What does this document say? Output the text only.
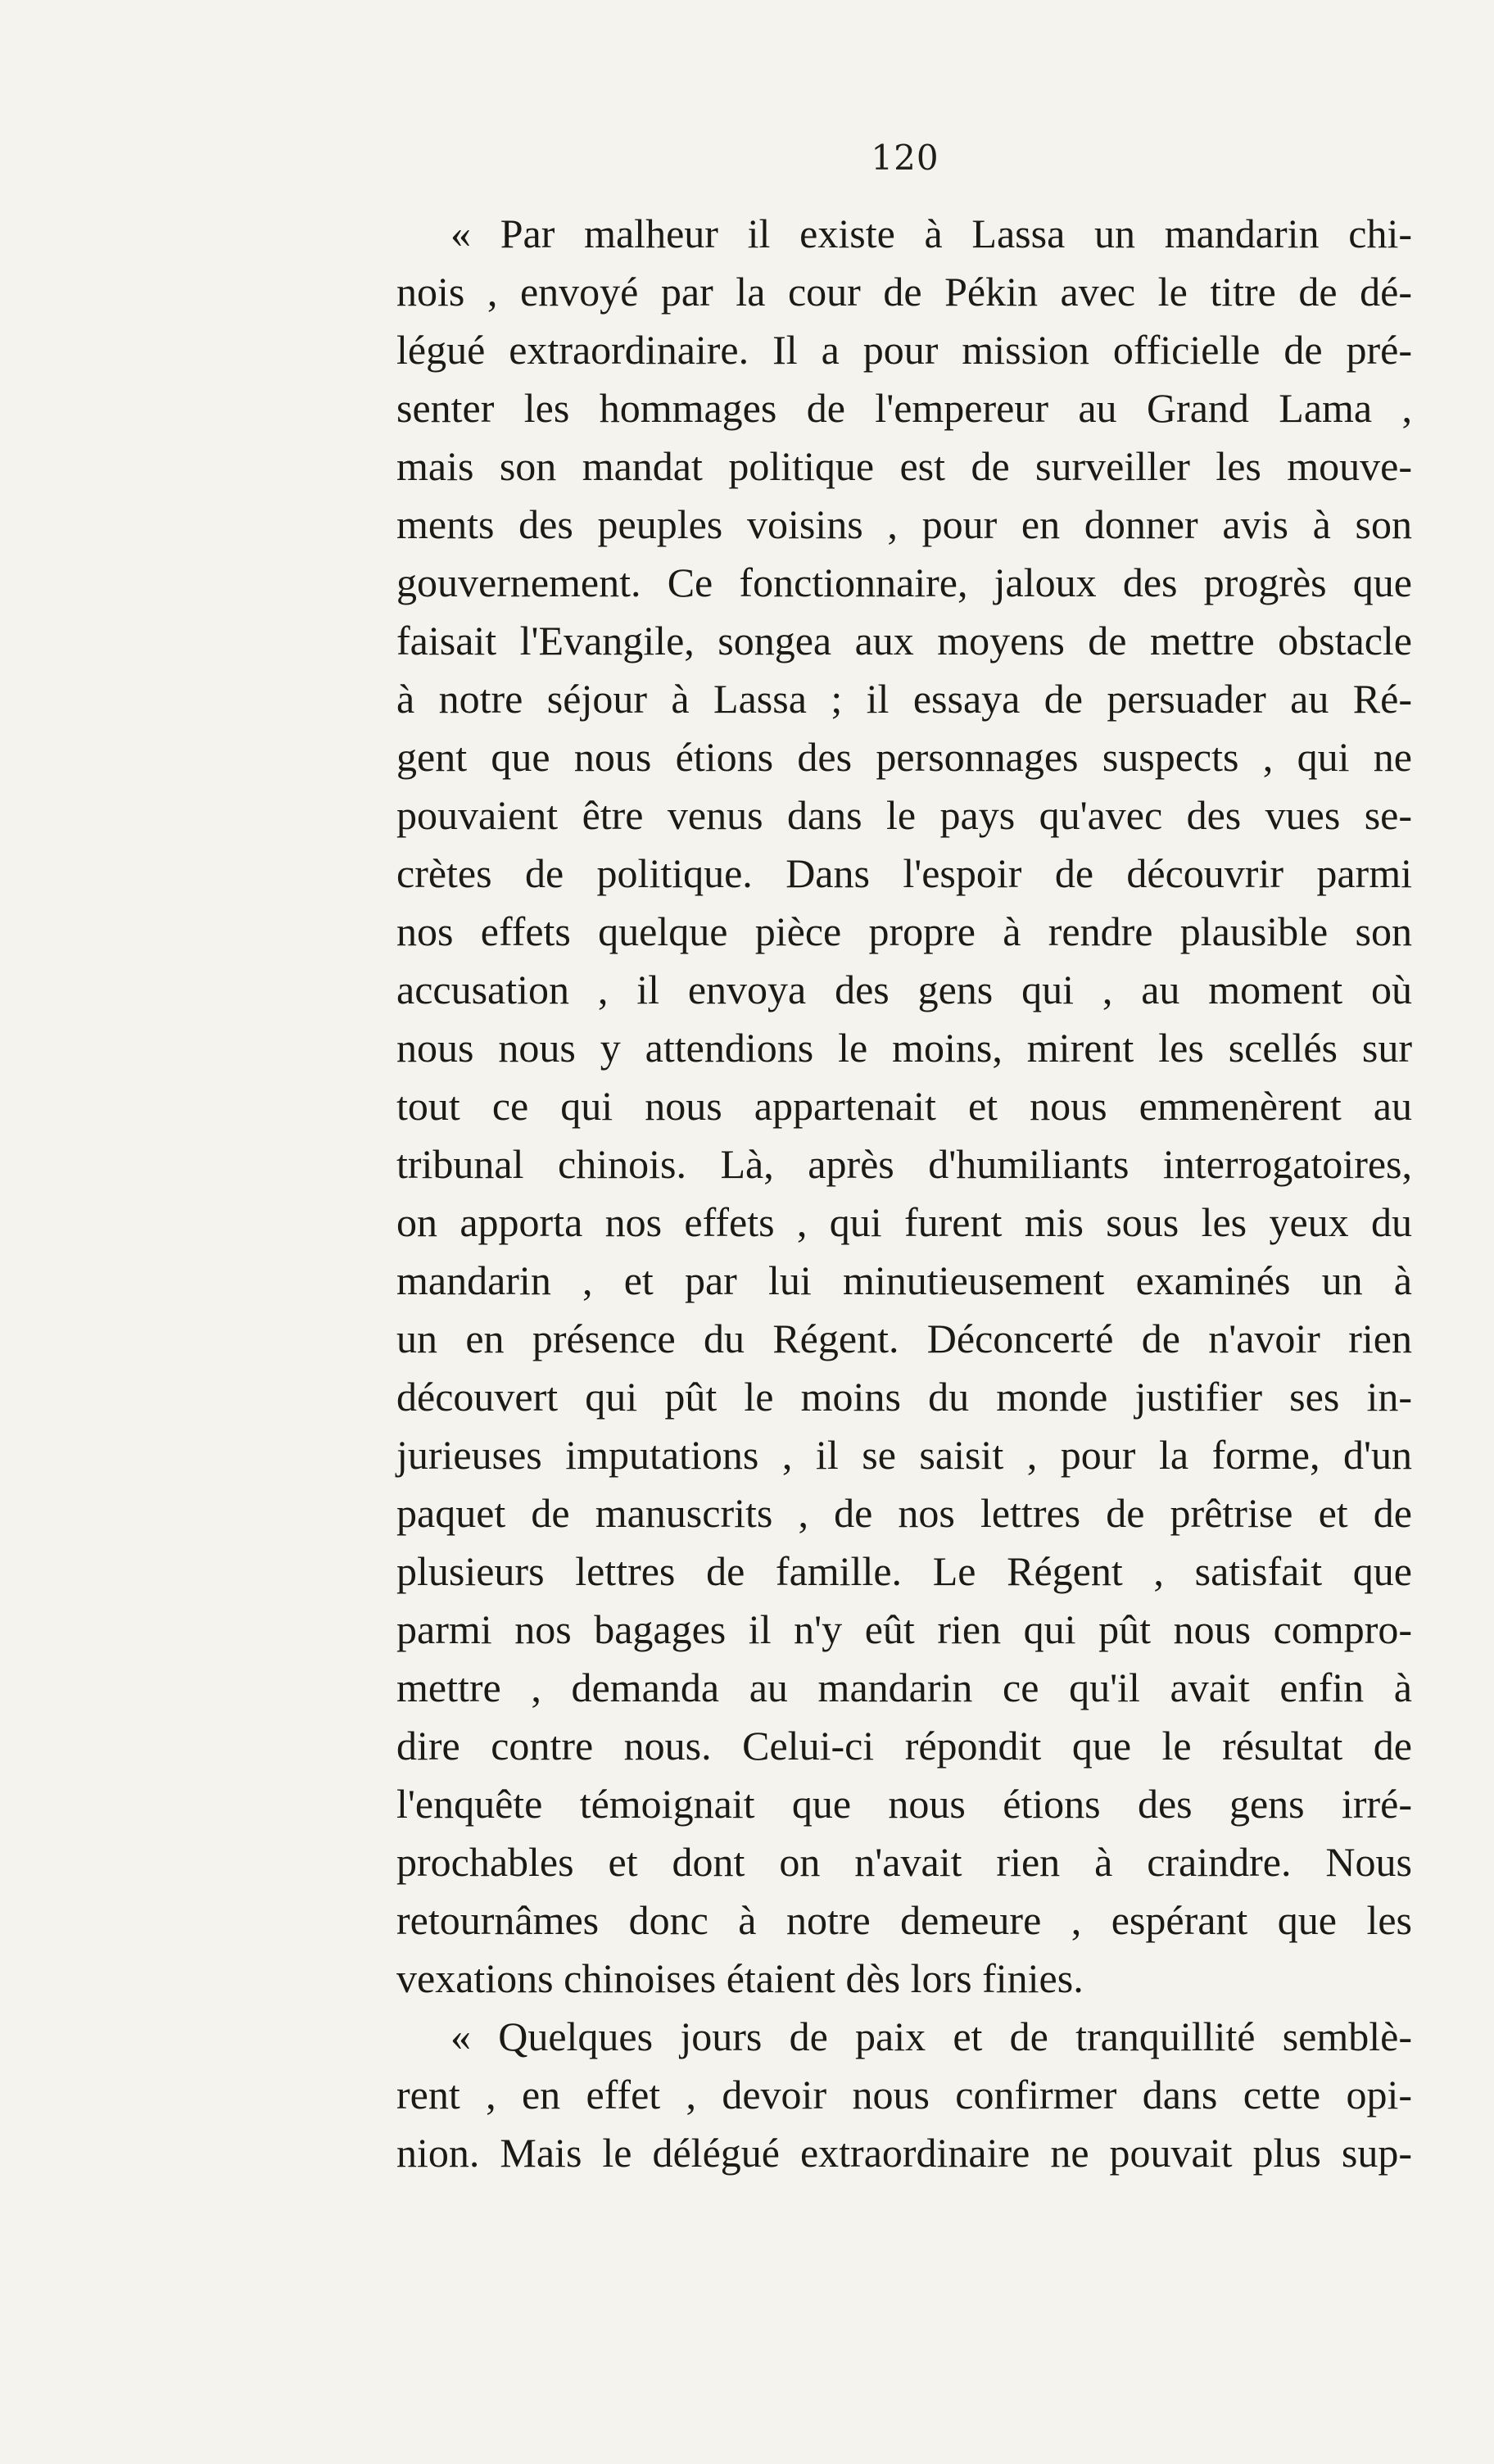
120
« Par malheur il existe à Lassa un mandarin chi-
nois , envoyé par la cour de Pékin avec le titre de dé-
légué extraordinaire. Il a pour mission officielle de pré-
senter les hommages de l'empereur au Grand Lama ,
mais son mandat politique est de surveiller les mouve-
ments des peuples voisins , pour en donner avis à son
gouvernement. Ce fonctionnaire, jaloux des progrès que
faisait l'Evangile, songea aux moyens de mettre obstacle
à notre séjour à Lassa ; il essaya de persuader au Ré-
gent que nous étions des personnages suspects , qui ne
pouvaient être venus dans le pays qu'avec des vues se-
crètes de politique. Dans l'espoir de découvrir parmi
nos effets quelque pièce propre à rendre plausible son
accusation , il envoya des gens qui , au moment où
nous nous y attendions le moins, mirent les scellés sur
tout ce qui nous appartenait et nous emmenèrent au
tribunal chinois. Là, après d'humiliants interrogatoires,
on apporta nos effets , qui furent mis sous les yeux du
mandarin , et par lui minutieusement examinés un à
un en présence du Régent. Déconcerté de n'avoir rien
découvert qui pût le moins du monde justifier ses in-
jurieuses imputations , il se saisit , pour la forme, d'un
paquet de manuscrits , de nos lettres de prêtrise et de
plusieurs lettres de famille. Le Régent , satisfait que
parmi nos bagages il n'y eût rien qui pût nous compro-
mettre , demanda au mandarin ce qu'il avait enfin à
dire contre nous. Celui-ci répondit que le résultat de
l'enquête témoignait que nous étions des gens irré-
prochables et dont on n'avait rien à craindre. Nous
retournâmes donc à notre demeure , espérant que les
vexations chinoises étaient dès lors finies.
« Quelques jours de paix et de tranquillité semblè-
rent , en effet , devoir nous confirmer dans cette opi-
nion. Mais le délégué extraordinaire ne pouvait plus sup-
